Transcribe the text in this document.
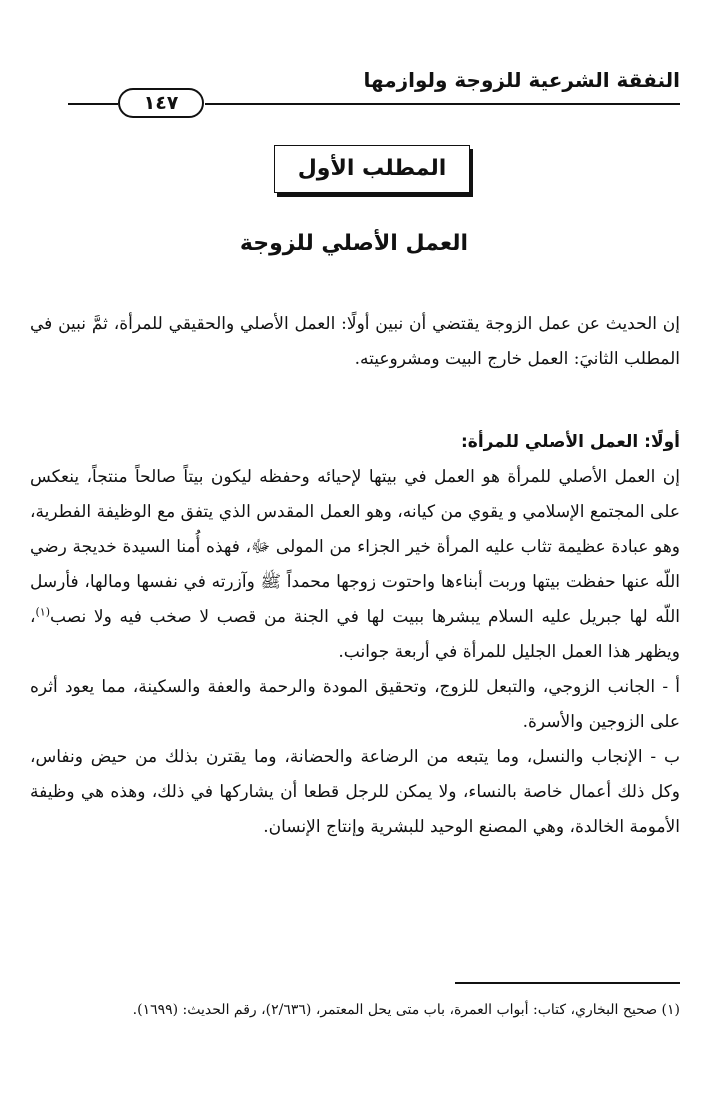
النفقة الشرعية للزوجة ولوازمها
١٤٧
المطلب الأول
العمل الأصلي للزوجة

إن الحديث عن عمل الزوجة يقتضي أن نبين أولًا: العمل الأصلي والحقيقي للمرأة، ثمَّ نبين في المطلب الثانيَ: العمل خارج البيت ومشروعيته.

أولًا: العمل الأصلي للمرأة:

إن العمل الأصلي للمرأة هو العمل في بيتها لإحيائه وحفظه ليكون بيتاً صالحاً منتجاً، ينعكس على المجتمع الإسلامي و يقوي من كيانه، وهو العمل المقدس الذي يتفق مع الوظيفة الفطرية، وهو عبادة عظيمة تثاب عليه المرأة خير الجزاء من المولى ﷻ، فهذه أُمنا السيدة خديجة رضي اللّه عنها حفظت بيتها وربت أبناءها واحتوت زوجها محمداً ﷺ وآزرته في نفسها ومالها، فأرسل اللّه لها جبريل عليه السلام يبشرها ببيت لها في الجنة من قصب لا صخب فيه ولا نصب$^{(١)}$، ويظهر هذا العمل الجليل للمرأة في أربعة جوانب.

أ - الجانب الزوجي، والتبعل للزوج، وتحقيق المودة والرحمة والعفة والسكينة، مما يعود أثره على الزوجين والأسرة.

ب - الإنجاب والنسل، وما يتبعه من الرضاعة والحضانة، وما يقترن بذلك من حيض ونفاس، وكل ذلك أعمال خاصة بالنساء، ولا يمكن للرجل قطعا أن يشاركها في ذلك، وهذه هي وظيفة الأمومة الخالدة، وهي المصنع الوحيد للبشرية وإنتاج الإنسان.

(١) صحيح البخاري، كتاب: أبواب العمرة، باب متى يحل المعتمر، (٢/٦٣٦)، رقم الحديث: (١٦٩٩).
